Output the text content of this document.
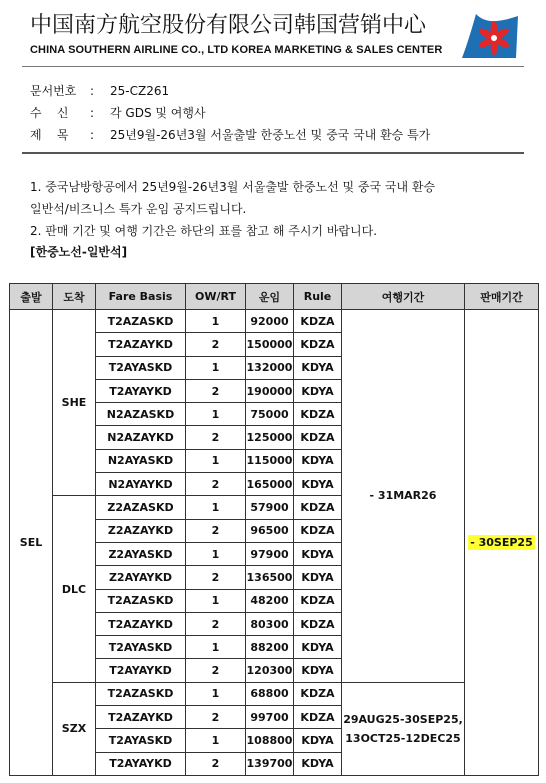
中国南方航空股份有限公司韩国营销中心
CHINA SOUTHERN AIRLINE CO., LTD KOREA MARKETING & SALES CENTER
문서번호 : 25-CZ261
수    신 : 각 GDS 및 여행사
제    목 : 25년9월-26년3월 서울출발 한중노선 및 중국 국내 환승 특가
1. 중국남방항공에서 25년9월-26년3월 서울출발 한중노선 및 중국 국내 환승
일반석/비즈니스 특가 운임 공지드립니다.
2. 판매 기간 및 여행 기간은 하단의 표를 참고 해 주시기 바랍니다.
[한중노선-일반석]
출발	도착	Fare Basis	OW/RT	운임	Rule	여행기간	판매기간
SEL	SHE	T2AZASKD	1	92000	KDZA	- 31MAR26	- 30SEP25
		T2AZAYKD	2	150000	KDZA		
		T2AYASKD	1	132000	KDYA		
		T2AYAYKD	2	190000	KDYA		
		N2AZASKD	1	75000	KDZA		
		N2AZAYKD	2	125000	KDZA		
		N2AYASKD	1	115000	KDYA		
		N2AYAYKD	2	165000	KDYA		
	DLC	Z2AZASKD	1	57900	KDZA		
		Z2AZAYKD	2	96500	KDZA		
		Z2AYASKD	1	97900	KDYA		
		Z2AYAYKD	2	136500	KDYA		
		T2AZASKD	1	48200	KDZA		
		T2AZAYKD	2	80300	KDZA		
		T2AYASKD	1	88200	KDYA		
		T2AYAYKD	2	120300	KDYA		
	SZX	T2AZASKD	1	68800	KDZA	29AUG25-30SEP25, 13OCT25-12DEC25	
		T2AZAYKD	2	99700	KDZA		
		T2AYASKD	1	108800	KDYA		
		T2AYAYKD	2	139700	KDYA		
